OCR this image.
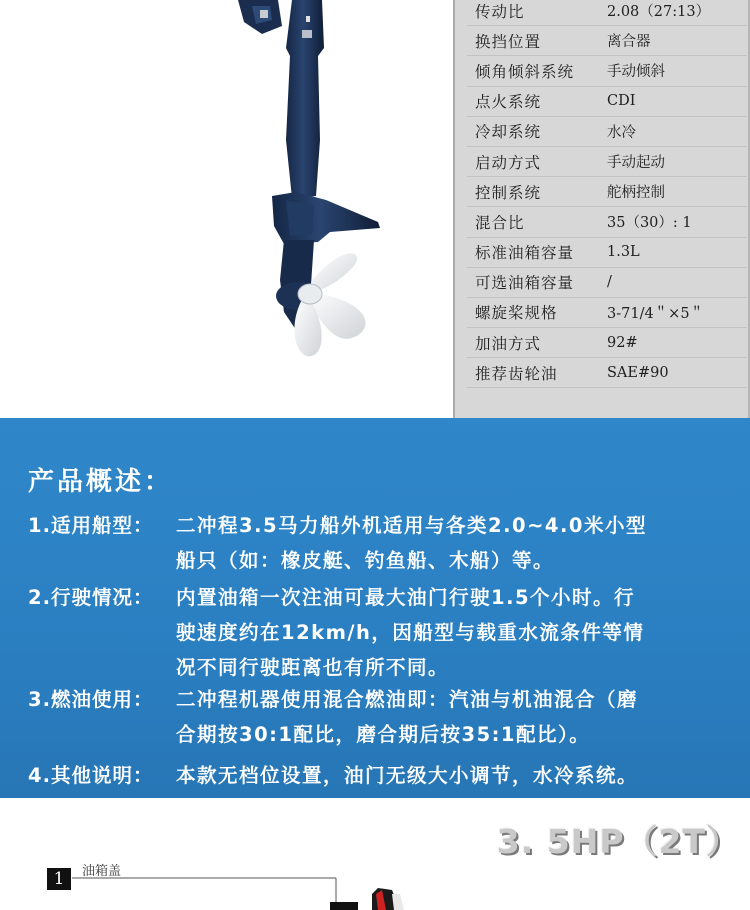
传动比	2.08（27:13）
换挡位置	离合器
倾角倾斜系统	手动倾斜
点火系统	CDI
冷却系统	水冷
启动方式	手动起动
控制系统	舵柄控制
混合比	35（30）: 1
标准油箱容量	1.3L
可选油箱容量	/
螺旋桨规格	3-71/4＂×5＂
加油方式	92#
推荐齿轮油	SAE#90
产品概述：
1.适用船型： 二冲程3.5马力船外机适用与各类2.0~4.0米小型
船只（如：橡皮艇、钓鱼船、木船）等。
2.行驶情况： 内置油箱一次注油可最大油门行驶1.5个小时。行
驶速度约在12km/h，因船型与载重水流条件等情
况不同行驶距离也有所不同。
3.燃油使用： 二冲程机器使用混合燃油即：汽油与机油混合（磨
合期按30:1配比，磨合期后按35:1配比）。
4.其他说明： 本款无档位设置，油门无级大小调节，水冷系统。
3. 5HP（2T）
1	油箱盖
